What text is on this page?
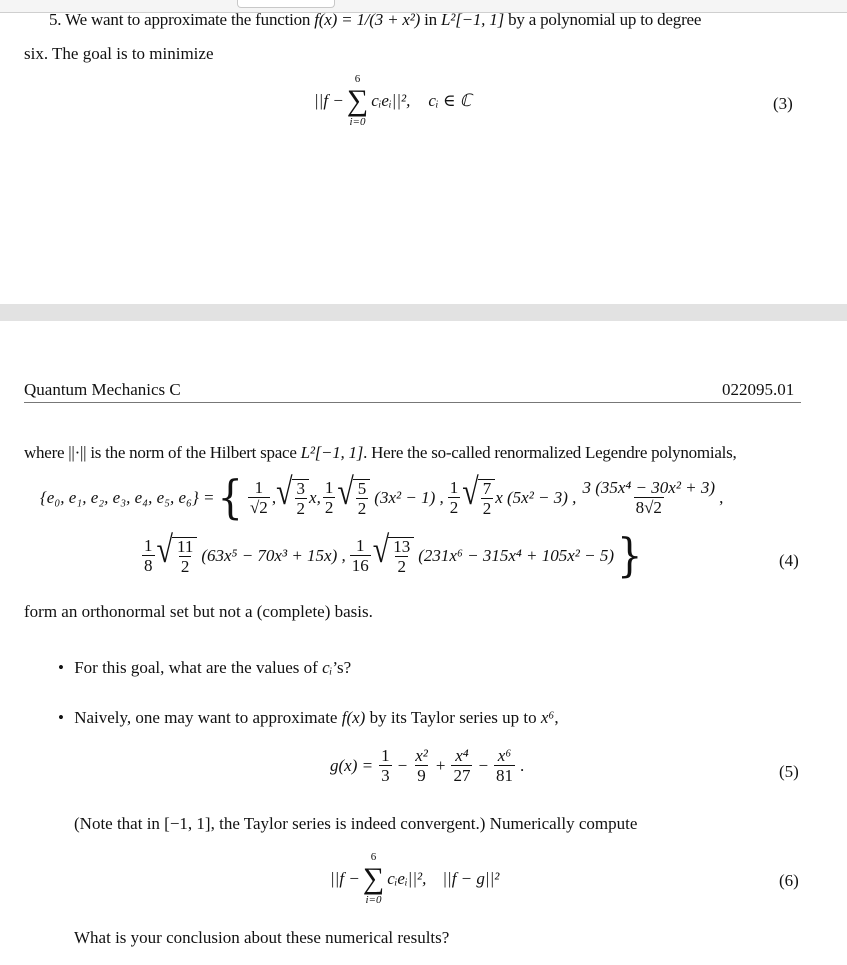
5. We want to approximate the function f(x) = 1/(3 + x²) in L²[−1, 1] by a polynomial up to degree
six. The goal is to minimize
||f −
6
∑
i=0
cᵢeᵢ||², cᵢ ∈ ℂ	(3)
Quantum Mechanics C	022095.01
where ||·|| is the norm of the Hilbert space L²[−1, 1]. Here the so-called renormalized Legendre polynomials,
{e₀, e₁, e₂, e₃, e₄, e₅, e₆} = { $\frac{1}{√2}$ , √ $\frac{3}{2} x$, $\frac{1}{2}$ √ $\frac{5}{2} (3x^2 - 1)$ , $\frac{1}{2}$ √ $\frac{7}{2}$ x (5x² − 3) , $\frac{\text{3 (35x⁴ − 30x² + 3)}}{8√2}$ ,
$\frac{1}{8}$ √ $\frac{11}{2} (63x^5 - 70x^3 + 15x)$ , $\frac{1}{16}$ √ $\frac{13}{2} (231x^6 - 315x^4 + 105x^2 - 5)$ }	(4)
form an orthonormal set but not a (complete) basis.
• For this goal, what are the values of cᵢ’s?
• Naively, one may want to approximate f(x) by its Taylor series up to x⁶,
$g(x) = \frac{1}{3} - \frac{\text{x²}}{9} + \frac{\text{x⁴}}{27} - \frac{\text{x⁶}}{81}$ .	(5)
(Note that in [−1, 1], the Taylor series is indeed convergent.) Numerically compute
||f −
6
∑
i=0
cᵢeᵢ||², ||f − g||²	(6)
What is your conclusion about these numerical results?
